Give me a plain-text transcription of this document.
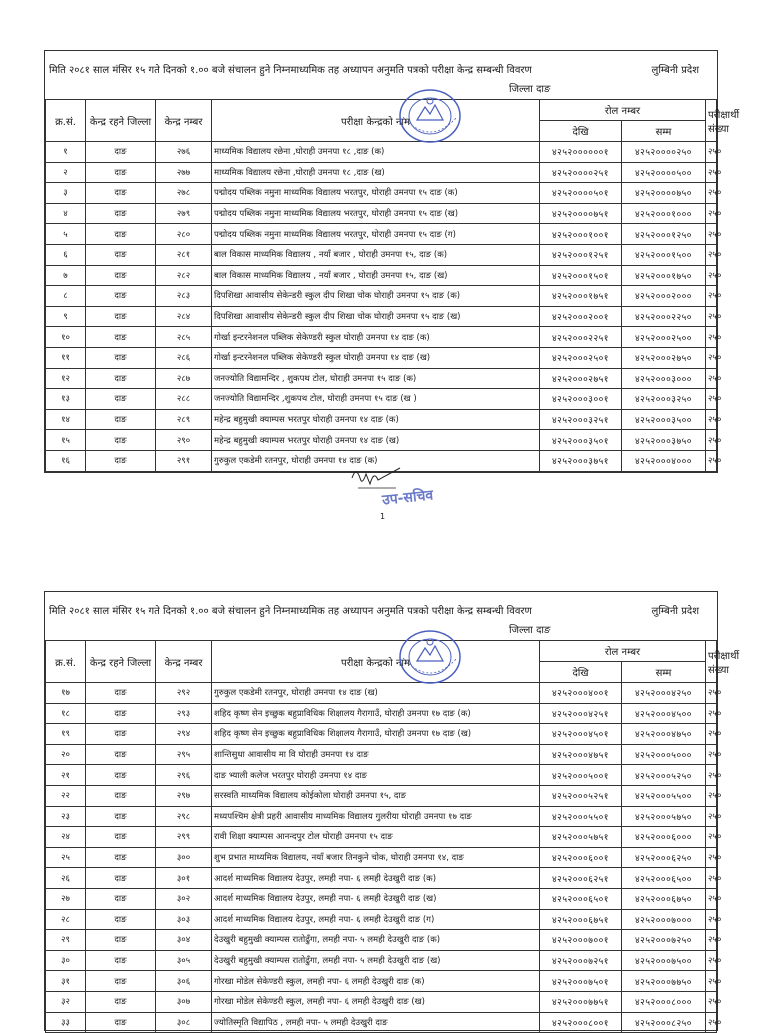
मिति २०८१ साल मंसिर १५ गते दिनको १.०० बजे संचालन हुने निम्नमाध्यमिक तह अध्यापन अनुमति पत्रको परीक्षा केन्द्र सम्बन्धी विवरण	लुम्बिनी प्रदेश
जिल्ला दाङ
क्र.सं.	केन्द्र रहने जिल्ला	केन्द्र नम्बर	परीक्षा केन्द्रको नाम	रोल नम्बर		परीक्षार्थी संख्या
				देखि	सम्म	
१	दाङ	२७६	माध्यमिक विद्यालय रछेना ,घोराही उमनपा १८ ,दाङ (क)	४२५२००००००१	४२५२००००२५०	२५०
२	दाङ	२७७	माध्यमिक विद्यालय रछेना ,घोराही उमनपा १८ ,दाङ (ख)	४२५२००००२५१	४२५२००००५००	२५०
३	दाङ	२७८	पद्मोदय पब्लिक नमुना माध्यमिक विद्यालय भरतपुर, घोराही उमनपा १५ दाङ (क)	४२५२००००५०१	४२५२००००७५०	२५०
४	दाङ	२७९	पद्मोदय पब्लिक नमुना माध्यमिक विद्यालय भरतपुर, घोराही उमनपा १५ दाङ (ख)	४२५२००००७५१	४२५२०००१०००	२५०
५	दाङ	२८०	पद्मोदय पब्लिक नमुना माध्यमिक विद्यालय भरतपुर, घोराही उमनपा १५ दाङ (ग)	४२५२०००१००१	४२५२०००१२५०	२५०
६	दाङ	२८१	बाल विकास माध्यमिक विद्यालय , नयाँ बजार , घोराही उमनपा १५, दाङ (क)	४२५२०००१२५१	४२५२०००१५००	२५०
७	दाङ	२८२	बाल विकास माध्यमिक विद्यालय , नयाँ बजार , घोराही उमनपा १५, दाङ (ख)	४२५२०००१५०१	४२५२०००१७५०	२५०
८	दाङ	२८३	दिपशिखा आवासीय सेकेन्डरी स्कुल दीप शिखा चोक घोराही उमनपा १५ दाङ (क)	४२५२०००१७५१	४२५२०००२०००	२५०
९	दाङ	२८४	दिपशिखा आवासीय सेकेन्डरी स्कुल दीप शिखा चोक घोराही उमनपा १५ दाङ (ख)	४२५२०००२००१	४२५२०००२२५०	२५०
१०	दाङ	२८५	गोर्खा इन्टरनेशनल पब्लिक सेकेण्डरी स्कुल घोराही उमनपा १४ दाङ (क)	४२५२०००२२५१	४२५२०००२५००	२५०
११	दाङ	२८६	गोर्खा इन्टरनेशनल पब्लिक सेकेण्डरी स्कुल घोराही उमनपा १४ दाङ (ख)	४२५२०००२५०१	४२५२०००२७५०	२५०
१२	दाङ	२८७	जनज्योति विद्यामन्दिर , शुकपथ टोल, घोराही उमनपा १५ दाङ (क)	४२५२०००२७५१	४२५२०००३०००	२५०
१३	दाङ	२८८	जनज्योति विद्यामन्दिर ,शुकपथ टोल, घोराही उमनपा १५ दाङ (ख )	४२५२०००३००१	४२५२०००३२५०	२५०
१४	दाङ	२८९	महेन्द्र बहुमुखी क्याम्पस भरतपुर घोराही उमनपा १४ दाङ (क)	४२५२०००३२५१	४२५२०००३५००	२५०
१५	दाङ	२९०	महेन्द्र बहुमुखी क्याम्पस भरतपुर घोराही उमनपा १४ दाङ (ख)	४२५२०००३५०१	४२५२०००३७५०	२५०
१६	दाङ	२९१	गुरुकुल एकडेमी रतनपुर, घोराही उमनपा १४ दाङ (क)	४२५२०००३७५१	४२५२०००४०००	२५०
उप-सचिव
1
मिति २०८१ साल मंसिर १५ गते दिनको १.०० बजे संचालन हुने निम्नमाध्यमिक तह अध्यापन अनुमति पत्रको परीक्षा केन्द्र सम्बन्धी विवरण	लुम्बिनी प्रदेश
जिल्ला दाङ
क्र.सं.	केन्द्र रहने जिल्ला	केन्द्र नम्बर	परीक्षा केन्द्रको नाम	रोल नम्बर		परीक्षार्थी संख्या
				देखि	सम्म	
१७	दाङ	२९२	गुरुकुल एकडेमी रतनपुर, घोराही उमनपा १४ दाङ (ख)	४२५२०००४००१	४२५२०००४२५०	२५०
१८	दाङ	२९३	शहिद कृष्ण सेन इच्छुक बहुप्राविधिक शिक्षालय गैरागाउँ, घोराही उमनपा १७ दाङ (क)	४२५२०००४२५१	४२५२०००४५००	२५०
१९	दाङ	२९४	शहिद कृष्ण सेन इच्छुक बहुप्राविधिक शिक्षालय गैरागाउँ, घोराही उमनपा १७ दाङ (ख)	४२५२०००४५०१	४२५२०००४७५०	२५०
२०	दाङ	२९५	शान्तिसुधा आवासीय मा वि घोराही उमनपा १४ दाङ	४२५२०००४७५१	४२५२०००५०००	२५०
२१	दाङ	२९६	दाङ भ्याली कलेज भरतपुर घोराही उमनपा १४ दाङ	४२५२०००५००१	४२५२०००५२५०	२५०
२२	दाङ	२९७	सरस्वति माध्यमिक विद्यालय कोईकोला घोराही उमनपा १५, दाङ	४२५२०००५२५१	४२५२०००५५००	२५०
२३	दाङ	२९८	मध्यपश्चिम क्षेत्री प्रहरी आवासीय माध्यमिक विद्यालय गुलरीया घोराही उमनपा १७ दाङ	४२५२०००५५०१	४२५२०००५७५०	२५०
२४	दाङ	२९९	रावी शिक्षा क्याम्पस आनन्दपुर टोल घोराही उमनपा १५ दाङ	४२५२०००५७५१	४२५२०००६०००	२५०
२५	दाङ	३००	शुभ प्रभात माध्यमिक विद्यालय, नयाँ बजार तिनकुने चोक, घोराही उमनपा १४, दाङ	४२५२०००६००१	४२५२०००६२५०	२५०
२६	दाङ	३०१	आदर्श माध्यमिक विद्यालय देउपुर, लमही नपा- ६ लमही देउखुरी दाङ (क)	४२५२०००६२५१	४२५२०००६५००	२५०
२७	दाङ	३०२	आदर्श माध्यमिक विद्यालय देउपुर, लमही नपा- ६ लमही देउखुरी दाङ (ख)	४२५२०००६५०१	४२५२०००६७५०	२५०
२८	दाङ	३०३	आदर्श माध्यमिक विद्यालय देउपुर, लमही नपा- ६ लमही देउखुरी दाङ (ग)	४२५२०००६७५१	४२५२०००७०००	२५०
२९	दाङ	३०४	देउखुरी बहुमुखी क्याम्पस रातोढुँगा, लमही नपा- ५ लमही देउखुरी दाङ (क)	४२५२०००७००१	४२५२०००७२५०	२५०
३०	दाङ	३०५	देउखुरी बहुमुखी क्याम्पस रातोढुँगा, लमही नपा- ५ लमही देउखुरी दाङ (ख)	४२५२०००७२५१	४२५२०००७५००	२५०
३१	दाङ	३०६	गोरखा मोडेल सेकेण्डरी स्कुल, लमही नपा- ६ लमही देउखुरी दाङ (क)	४२५२०००७५०१	४२५२०००७७५०	२५०
३२	दाङ	३०७	गोरखा मोडेल सेकेण्डरी स्कुल, लमही नपा- ६ लमही देउखुरी दाङ (ख)	४२५२०००७७५१	४२५२०००८०००	२५०
३३	दाङ	३०८	ज्योतिस्मृति विद्यापिठ , लमही नपा- ५ लमही देउखुरी दाङ	४२५२०००८००१	४२५२०००८२५०	२५०
